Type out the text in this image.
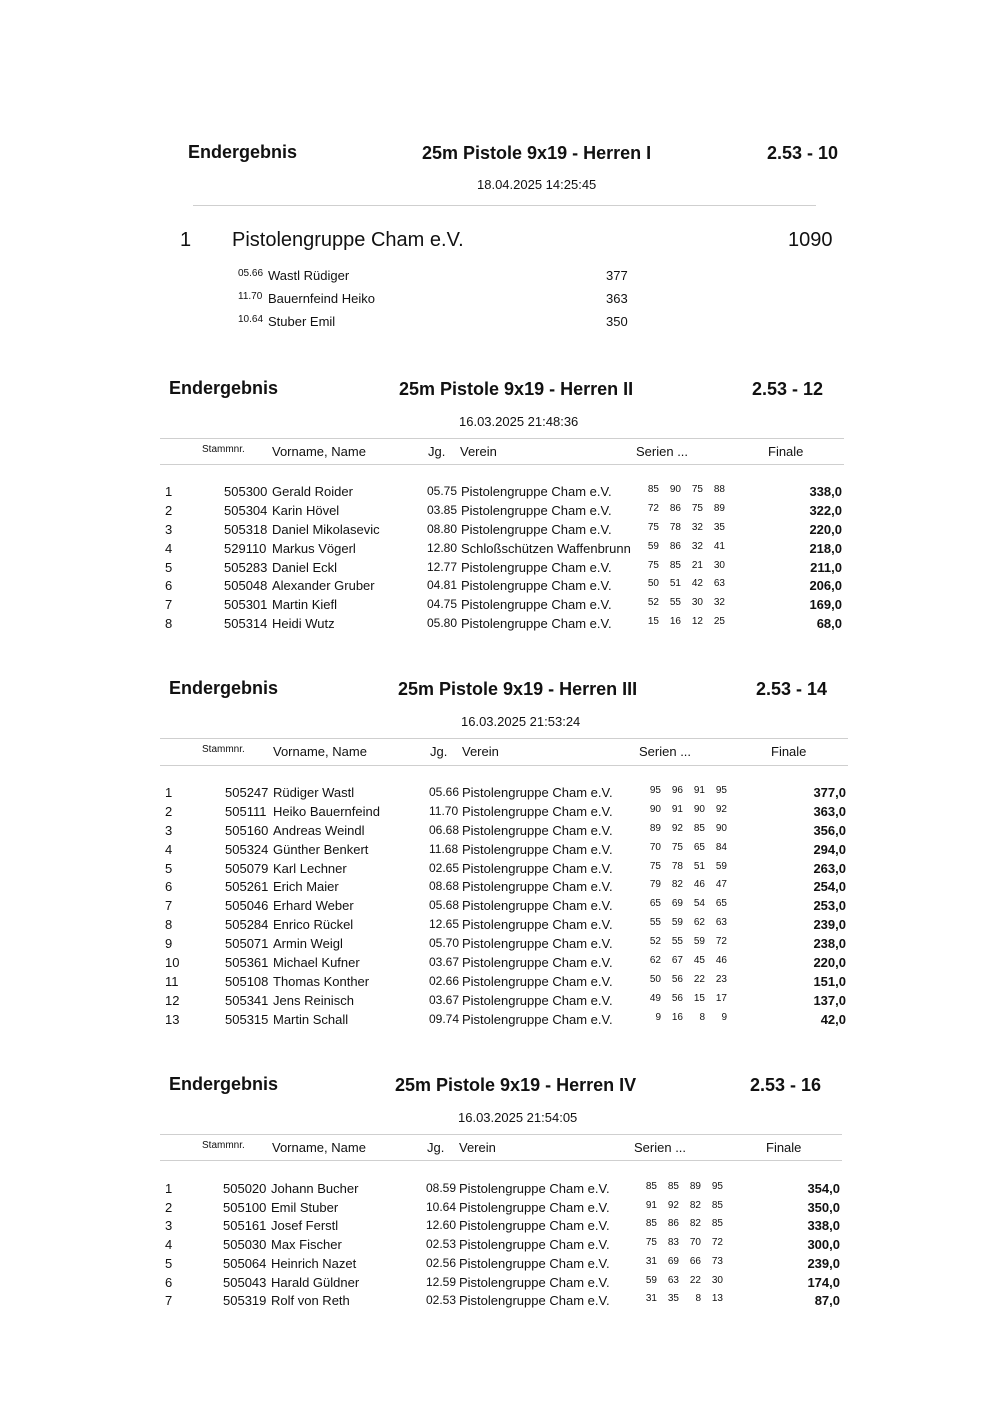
Endergebnis	25m Pistole 9x19 - Herren I	2.53 - 10
18.04.2025 14:25:45
1 Pistolengruppe Cham e.V.	1090
05.66 Wastl Rüdiger	377
11.70 Bauernfeind Heiko	363
10.64 Stuber Emil	350
Endergebnis	25m Pistole 9x19 - Herren II	2.53 - 12
16.03.2025 21:48:36
Stammnr. Vorname, Name	Jg. Verein	Serien ...	Finale
1	505300 Gerald Roider	05.75 Pistolengruppe Cham e.V.	85	90	75	88	338,0
2	505304 Karin Hövel	03.85 Pistolengruppe Cham e.V.	72	86	75	89	322,0
3	505318 Daniel Mikolasevic	08.80 Pistolengruppe Cham e.V.	75	78	32	35	220,0
4	529110 Markus Vögerl	12.80 Schloßschützen Waffenbrunn	59	86	32	41	218,0
5	505283 Daniel Eckl	12.77 Pistolengruppe Cham e.V.	75	85	21	30	211,0
6	505048 Alexander Gruber	04.81 Pistolengruppe Cham e.V.	50	51	42	63	206,0
7	505301 Martin Kiefl	04.75 Pistolengruppe Cham e.V.	52	55	30	32	169,0
8	505314 Heidi Wutz	05.80 Pistolengruppe Cham e.V.	15	16	12	25	68,0
Endergebnis	25m Pistole 9x19 - Herren III	2.53 - 14
16.03.2025 21:53:24
Stammnr. Vorname, Name	Jg. Verein	Serien ...	Finale
1	505247 Rüdiger Wastl	05.66 Pistolengruppe Cham e.V.	95	96	91	95	377,0
2	505111 Heiko Bauernfeind	11.70 Pistolengruppe Cham e.V.	90	91	90	92	363,0
3	505160 Andreas Weindl	06.68 Pistolengruppe Cham e.V.	89	92	85	90	356,0
4	505324 Günther Benkert	11.68 Pistolengruppe Cham e.V.	70	75	65	84	294,0
5	505079 Karl Lechner	02.65 Pistolengruppe Cham e.V.	75	78	51	59	263,0
6	505261 Erich Maier	08.68 Pistolengruppe Cham e.V.	79	82	46	47	254,0
7	505046 Erhard Weber	05.68 Pistolengruppe Cham e.V.	65	69	54	65	253,0
8	505284 Enrico Rückel	12.65 Pistolengruppe Cham e.V.	55	59	62	63	239,0
9	505071 Armin Weigl	05.70 Pistolengruppe Cham e.V.	52	55	59	72	238,0
10	505361 Michael Kufner	03.67 Pistolengruppe Cham e.V.	62	67	45	46	220,0
11	505108 Thomas Konther	02.66 Pistolengruppe Cham e.V.	50	56	22	23	151,0
12	505341 Jens Reinisch	03.67 Pistolengruppe Cham e.V.	49	56	15	17	137,0
13	505315 Martin Schall	09.74 Pistolengruppe Cham e.V.	9	16	8	9	42,0
Endergebnis	25m Pistole 9x19 - Herren IV	2.53 - 16
16.03.2025 21:54:05
Stammnr. Vorname, Name	Jg. Verein	Serien ...	Finale
1	505020 Johann Bucher	08.59 Pistolengruppe Cham e.V.	85	85	89	95	354,0
2	505100 Emil Stuber	10.64 Pistolengruppe Cham e.V.	91	92	82	85	350,0
3	505161 Josef Ferstl	12.60 Pistolengruppe Cham e.V.	85	86	82	85	338,0
4	505030 Max Fischer	02.53 Pistolengruppe Cham e.V.	75	83	70	72	300,0
5	505064 Heinrich Nazet	02.56 Pistolengruppe Cham e.V.	31	69	66	73	239,0
6	505043 Harald Güldner	12.59 Pistolengruppe Cham e.V.	59	63	22	30	174,0
7	505319 Rolf von Reth	02.53 Pistolengruppe Cham e.V.	31	35	8	13	87,0
